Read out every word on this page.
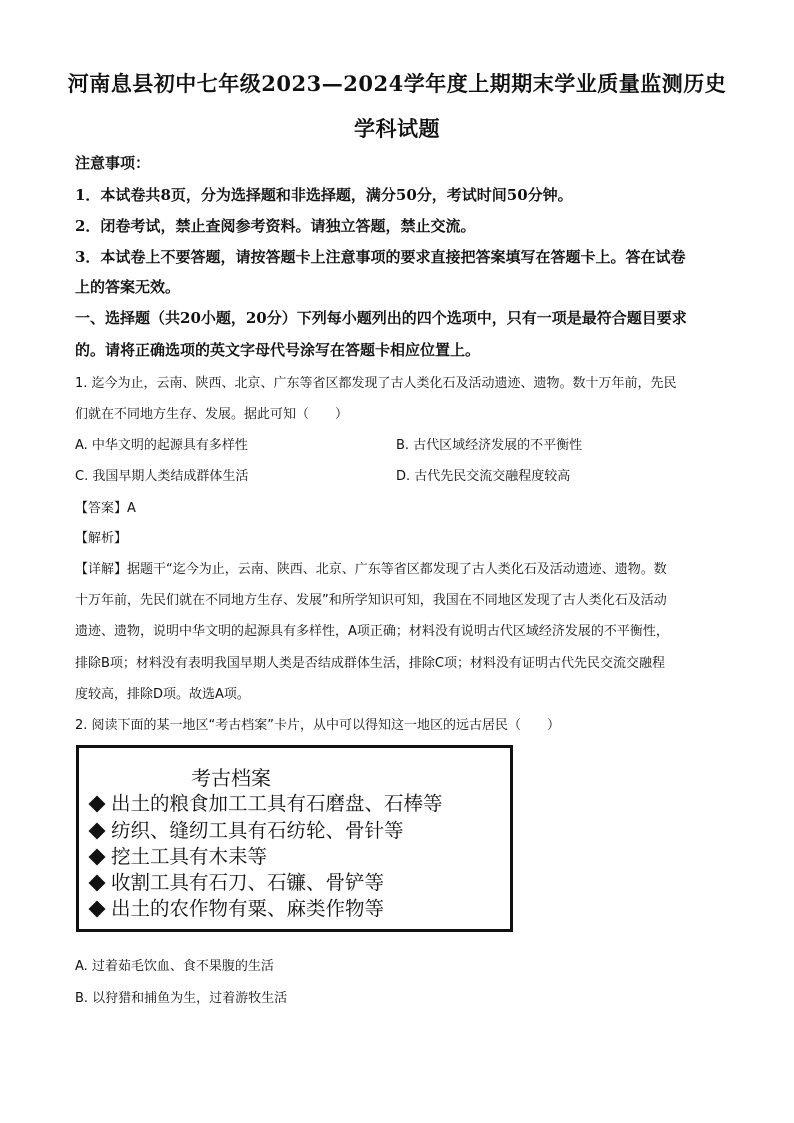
河南息县初中七年级2023—2024学年度上期期末学业质量监测历史
学科试题
注意事项：
1．本试卷共8页，分为选择题和非选择题，满分50分，考试时间50分钟。
2．闭卷考试，禁止查阅参考资料。请独立答题，禁止交流。
3．本试卷上不要答题，请按答题卡上注意事项的要求直接把答案填写在答题卡上。答在试卷
上的答案无效。
一、选择题（共20小题，20分）下列每小题列出的四个选项中，只有一项是最符合题目要求
的。请将正确选项的英文字母代号涂写在答题卡相应位置上。
1. 迄今为止，云南、陕西、北京、广东等省区都发现了古人类化石及活动遗迹、遗物。数十万年前，先民
们就在不同地方生存、发展。据此可知（　　）
A. 中华文明的起源具有多样性	B. 古代区域经济发展的不平衡性
C. 我国早期人类结成群体生活	D. 古代先民交流交融程度较高
【答案】A
【解析】
【详解】据题干“迄今为止，云南、陕西、北京、广东等省区都发现了古人类化石及活动遗迹、遗物。数
十万年前，先民们就在不同地方生存、发展”和所学知识可知，我国在不同地区发现了古人类化石及活动
遗迹、遗物，说明中华文明的起源具有多样性，A项正确；材料没有说明古代区域经济发展的不平衡性，
排除B项；材料没有表明我国早期人类是否结成群体生活，排除C项；材料没有证明古代先民交流交融程
度较高，排除D项。故选A项。
2. 阅读下面的某一地区“考古档案”卡片，从中可以得知这一地区的远古居民（　　）
考古档案
出土的粮食加工工具有石磨盘、石棒等
纺织、缝纫工具有石纺轮、骨针等
挖土工具有木耒等
收割工具有石刀、石镰、骨铲等
出土的农作物有粟、麻类作物等
A. 过着茹毛饮血、食不果腹的生活
B. 以狩猎和捕鱼为生，过着游牧生活
